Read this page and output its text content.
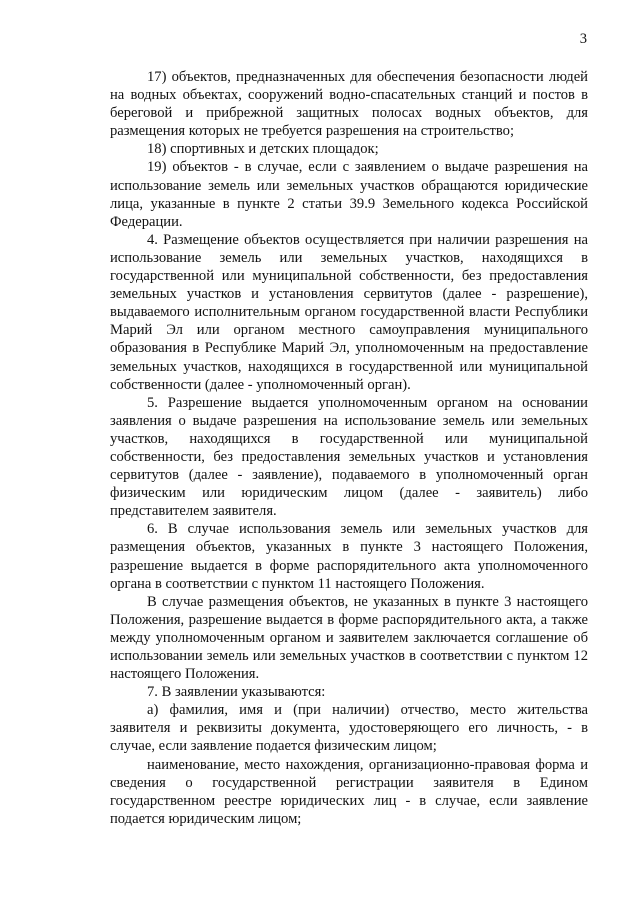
3

17) объектов, предназначенных для обеспечения безопасности людей на водных объектах, сооружений водно-спасательных станций и постов в береговой и прибрежной защитных полосах водных объектов, для размещения которых не требуется разрешения на строительство;

18) спортивных и детских площадок;

19) объектов - в случае, если с заявлением о выдаче разрешения на использование земель или земельных участков обращаются юридические лица, указанные в пункте 2 статьи 39.9 Земельного кодекса Российской Федерации.

4. Размещение объектов осуществляется при наличии разрешения на использование земель или земельных участков, находящихся в государственной или муниципальной собственности, без предоставления земельных участков и установления сервитутов (далее - разрешение), выдаваемого исполнительным органом государственной власти Республики Марий Эл или органом местного самоуправления муниципального образования в Республике Марий Эл, уполномоченным на предоставление земельных участков, находящихся в государственной или муниципальной собственности (далее - уполномоченный орган).

5. Разрешение выдается уполномоченным органом на основании заявления о выдаче разрешения на использование земель или земельных участков, находящихся в государственной или муниципальной собственности, без предоставления земельных участков и установления сервитутов (далее - заявление), подаваемого в уполномоченный орган физическим или юридическим лицом (далее - заявитель) либо представителем заявителя.

6. В случае использования земель или земельных участков для размещения объектов, указанных в пункте 3 настоящего Положения, разрешение выдается в форме распорядительного акта уполномоченного органа в соответствии с пунктом 11 настоящего Положения.

В случае размещения объектов, не указанных в пункте 3 настоящего Положения, разрешение выдается в форме распорядительного акта, а также между уполномоченным органом и заявителем заключается соглашение об использовании земель или земельных участков в соответствии с пунктом 12 настоящего Положения.

7. В заявлении указываются:

а) фамилия, имя и (при наличии) отчество, место жительства заявителя и реквизиты документа, удостоверяющего его личность, - в случае, если заявление подается физическим лицом;

наименование, место нахождения, организационно-правовая форма и сведения о государственной регистрации заявителя в Едином государственном реестре юридических лиц - в случае, если заявление подается юридическим лицом;
